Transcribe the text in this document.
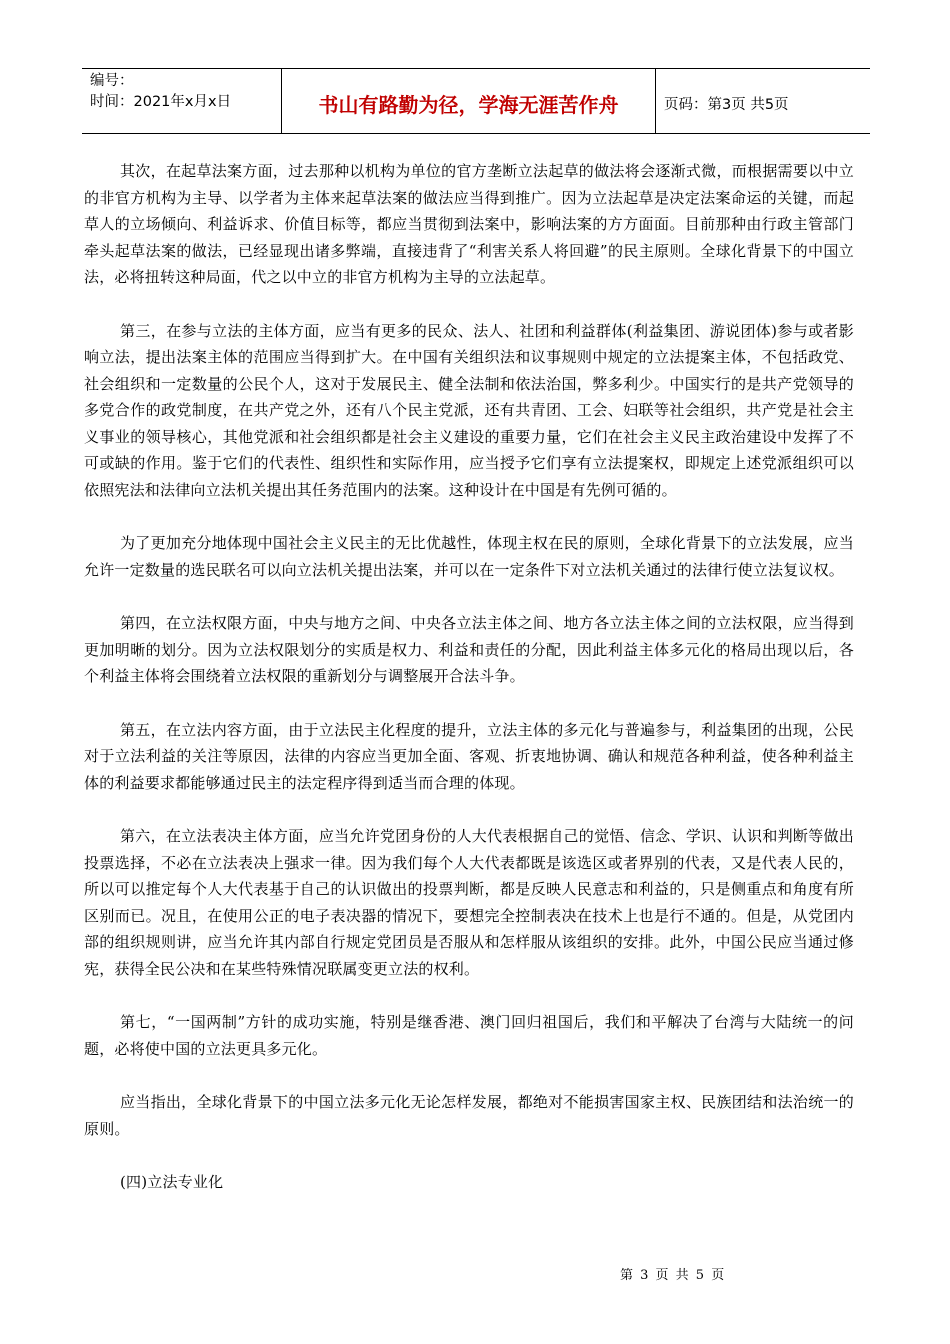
编号：
时间：2021年x月x日	书山有路勤为径，学海无涯苦作舟	页码：第3页 共5页

其次，在起草法案方面，过去那种以机构为单位的官方垄断立法起草的做法将会逐渐式微，而根据需要以中立的非官方机构为主导、以学者为主体来起草法案的做法应当得到推广。因为立法起草是决定法案命运的关键，而起草人的立场倾向、利益诉求、价值目标等，都应当贯彻到法案中，影响法案的方方面面。目前那种由行政主管部门牵头起草法案的做法，已经显现出诸多弊端，直接违背了“利害关系人将回避”的民主原则。全球化背景下的中国立法，必将扭转这种局面，代之以中立的非官方机构为主导的立法起草。

第三，在参与立法的主体方面，应当有更多的民众、法人、社团和利益群体(利益集团、游说团体)参与或者影响立法，提出法案主体的范围应当得到扩大。在中国有关组织法和议事规则中规定的立法提案主体，不包括政党、社会组织和一定数量的公民个人，这对于发展民主、健全法制和依法治国，弊多利少。中国实行的是共产党领导的多党合作的政党制度，在共产党之外，还有八个民主党派，还有共青团、工会、妇联等社会组织，共产党是社会主义事业的领导核心，其他党派和社会组织都是社会主义建设的重要力量，它们在社会主义民主政治建设中发挥了不可或缺的作用。鉴于它们的代表性、组织性和实际作用，应当授予它们享有立法提案权，即规定上述党派组织可以依照宪法和法律向立法机关提出其任务范围内的法案。这种设计在中国是有先例可循的。

为了更加充分地体现中国社会主义民主的无比优越性，体现主权在民的原则，全球化背景下的立法发展，应当允许一定数量的选民联名可以向立法机关提出法案，并可以在一定条件下对立法机关通过的法律行使立法复议权。

第四，在立法权限方面，中央与地方之间、中央各立法主体之间、地方各立法主体之间的立法权限，应当得到更加明晰的划分。因为立法权限划分的实质是权力、利益和责任的分配，因此利益主体多元化的格局出现以后，各个利益主体将会围绕着立法权限的重新划分与调整展开合法斗争。

第五，在立法内容方面，由于立法民主化程度的提升，立法主体的多元化与普遍参与，利益集团的出现，公民对于立法利益的关注等原因，法律的内容应当更加全面、客观、折衷地协调、确认和规范各种利益，使各种利益主体的利益要求都能够通过民主的法定程序得到适当而合理的体现。

第六，在立法表决主体方面，应当允许党团身份的人大代表根据自己的觉悟、信念、学识、认识和判断等做出投票选择，不必在立法表决上强求一律。因为我们每个人大代表都既是该选区或者界别的代表，又是代表人民的，所以可以推定每个人大代表基于自己的认识做出的投票判断，都是反映人民意志和利益的，只是侧重点和角度有所区别而已。况且，在使用公正的电子表决器的情况下，要想完全控制表决在技术上也是行不通的。但是，从党团内部的组织规则讲，应当允许其内部自行规定党团员是否服从和怎样服从该组织的安排。此外，中国公民应当通过修宪，获得全民公决和在某些特殊情况联属变更立法的权利。

第七，“一国两制”方针的成功实施，特别是继香港、澳门回归祖国后，我们和平解决了台湾与大陆统一的问题，必将使中国的立法更具多元化。

应当指出，全球化背景下的中国立法多元化无论怎样发展，都绝对不能损害国家主权、民族团结和法治统一的原则。

(四)立法专业化

第 3 页 共 5 页
